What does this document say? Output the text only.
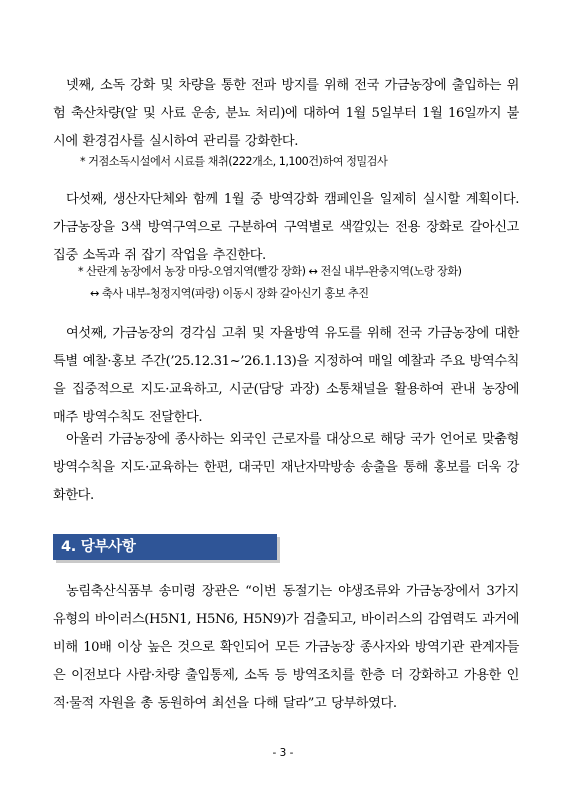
넷째, 소독 강화 및 차량을 통한 전파 방지를 위해 전국 가금농장에 출입하는 위험 축산차량(알 및 사료 운송, 분뇨 처리)에 대하여 1월 5일부터 1월 16일까지 불시에 환경검사를 실시하여 관리를 강화한다.

* 거점소독시설에서 시료를 채취(222개소, 1,100건)하여 정밀검사

다섯째, 생산자단체와 함께 1월 중 방역강화 캠페인을 일제히 실시할 계획이다. 가금농장을 3색 방역구역으로 구분하여 구역별로 색깔있는 전용 장화로 갈아신고 집중 소독과 쥐 잡기 작업을 추진한다.

* 산란계 농장에서 농장 마당-오염지역(빨강 장화) ↔ 전실 내부-완충지역(노랑 장화)

↔ 축사 내부-청정지역(파랑) 이동시 장화 갈아신기 홍보 추진

여섯째, 가금농장의 경각심 고취 및 자율방역 유도를 위해 전국 가금농장에 대한 특별 예찰·홍보 주간(’25.12.31~’26.1.13)을 지정하여 매일 예찰과 주요 방역수칙을 집중적으로 지도·교육하고, 시군(담당 과장) 소통채널을 활용하여 관내 농장에 매주 방역수칙도 전달한다.

아울러 가금농장에 종사하는 외국인 근로자를 대상으로 해당 국가 언어로 맞춤형 방역수칙을 지도·교육하는 한편, 대국민 재난자막방송 송출을 통해 홍보를 더욱 강화한다.

4. 당부사항

농림축산식품부 송미령 장관은 “이번 동절기는 야생조류와 가금농장에서 3가지 유형의 바이러스(H5N1, H5N6, H5N9)가 검출되고, 바이러스의 감염력도 과거에 비해 10배 이상 높은 것으로 확인되어 모든 가금농장 종사자와 방역기관 관계자들은 이전보다 사람·차량 출입통제, 소독 등 방역조치를 한층 더 강화하고 가용한 인적·물적 자원을 총 동원하여 최선을 다해 달라”고 당부하였다.

- 3 -
